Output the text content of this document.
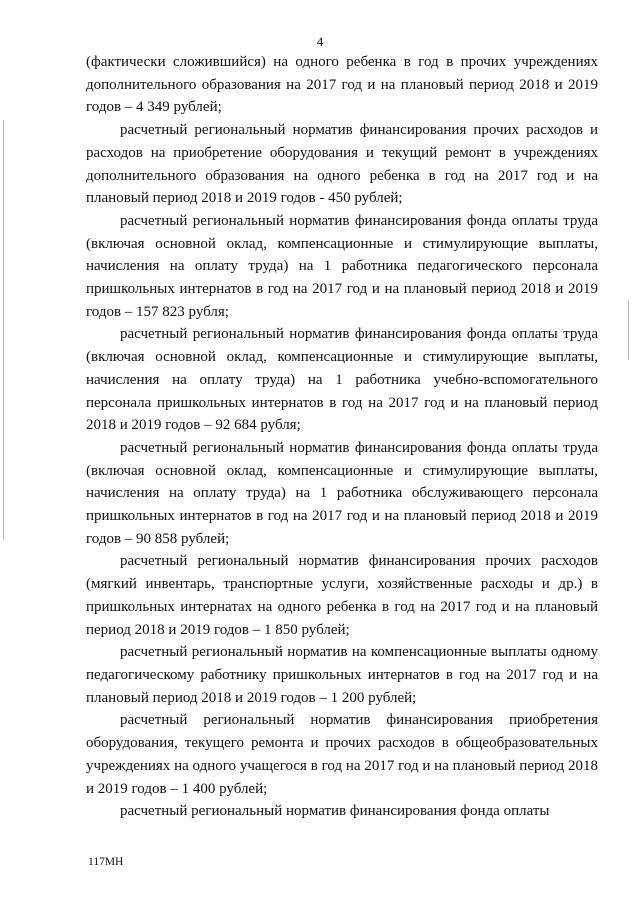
4

(фактически сложившийся) на одного ребенка в год в прочих учреждениях дополнительного образования на 2017 год и на плановый период 2018 и 2019 годов – 4 349 рублей;

расчетный региональный норматив финансирования прочих расходов и расходов на приобретение оборудования и текущий ремонт в учреждениях дополнительного образования на одного ребенка в год на 2017 год и на плановый период 2018 и 2019 годов - 450 рублей;

расчетный региональный норматив финансирования фонда оплаты труда (включая основной оклад, компенсационные и стимулирующие выплаты, начисления на оплату труда) на 1 работника педагогического персонала пришкольных интернатов в год на 2017 год и на плановый период 2018 и 2019 годов – 157 823 рубля;

расчетный региональный норматив финансирования фонда оплаты труда (включая основной оклад, компенсационные и стимулирующие выплаты, начисления на оплату труда) на 1 работника учебно-вспомогательного персонала пришкольных интернатов в год на 2017 год и на плановый период 2018 и 2019 годов – 92 684 рубля;

расчетный региональный норматив финансирования фонда оплаты труда (включая основной оклад, компенсационные и стимулирующие выплаты, начисления на оплату труда) на 1 работника обслуживающего персонала пришкольных интернатов в год на 2017 год и на плановый период 2018 и 2019 годов – 90 858 рублей;

расчетный региональный норматив финансирования прочих расходов (мягкий инвентарь, транспортные услуги, хозяйственные расходы и др.) в пришкольных интернатах на одного ребенка в год на 2017 год и на плановый период 2018 и 2019 годов – 1 850 рублей;

расчетный региональный норматив на компенсационные выплаты одному педагогическому работнику пришкольных интернатов в год на 2017 год и на плановый период 2018 и 2019 годов – 1 200 рублей;

расчетный региональный норматив финансирования приобретения оборудования, текущего ремонта и прочих расходов в общеобразовательных учреждениях на одного учащегося в год на 2017 год и на плановый период 2018 и 2019 годов – 1 400 рублей;

расчетный региональный норматив финансирования фонда оплаты

117МН
